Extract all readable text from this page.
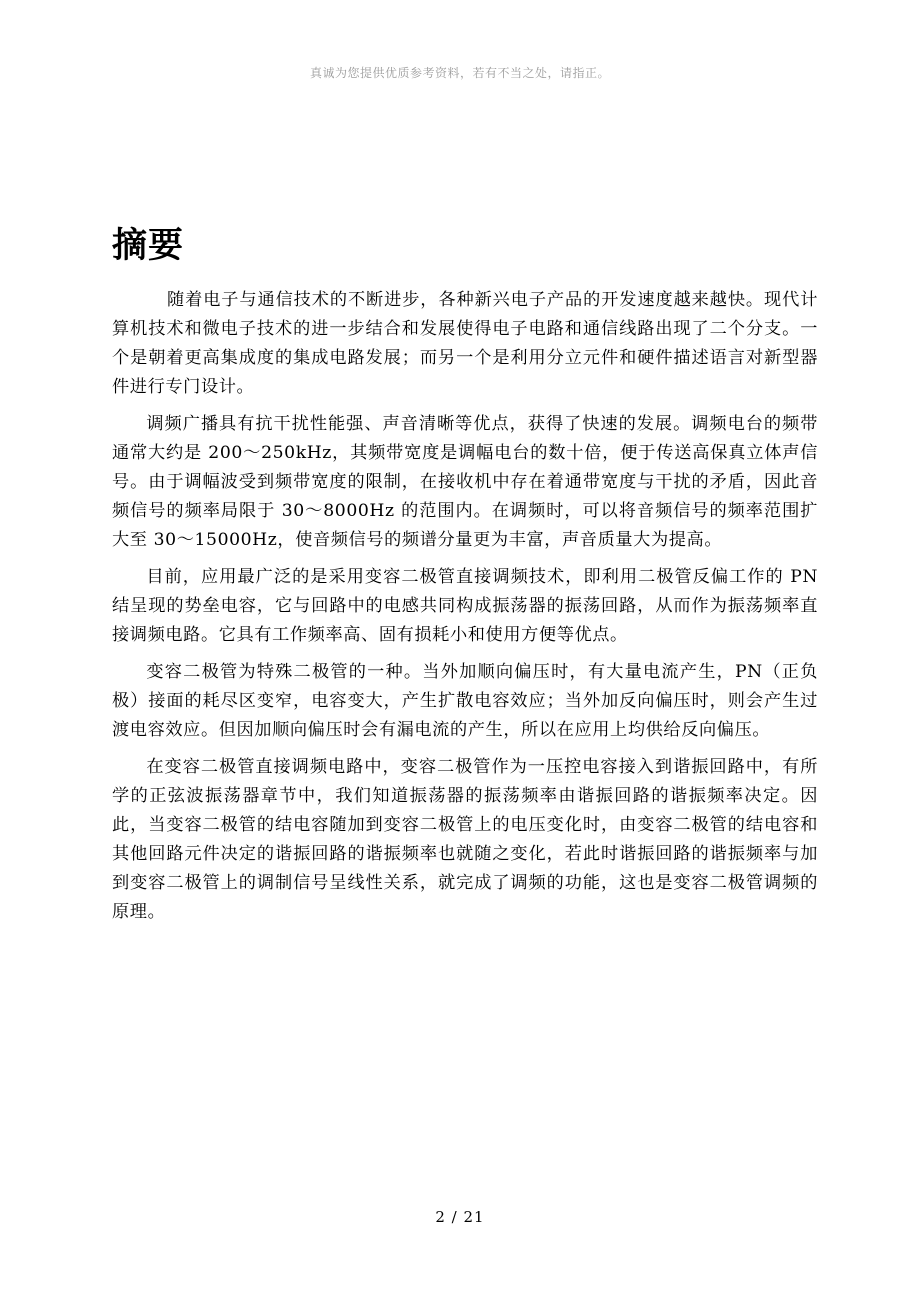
真诚为您提供优质参考资料，若有不当之处，请指正。
摘要

随着电子与通信技术的不断进步，各种新兴电子产品的开发速度越来越快。现代计算机技术和微电子技术的进一步结合和发展使得电子电路和通信线路出现了二个分支。一个是朝着更高集成度的集成电路发展；而另一个是利用分立元件和硬件描述语言对新型器件进行专门设计。

调频广播具有抗干扰性能强、声音清晰等优点，获得了快速的发展。调频电台的频带通常大约是 200～250kHz，其频带宽度是调幅电台的数十倍，便于传送高保真立体声信号。由于调幅波受到频带宽度的限制，在接收机中存在着通带宽度与干扰的矛盾，因此音频信号的频率局限于 30～8000Hz 的范围内。在调频时，可以将音频信号的频率范围扩大至 30～15000Hz，使音频信号的频谱分量更为丰富，声音质量大为提高。

目前，应用最广泛的是采用变容二极管直接调频技术，即利用二极管反偏工作的 PN 结呈现的势垒电容，它与回路中的电感共同构成振荡器的振荡回路，从而作为振荡频率直接调频电路。它具有工作频率高、固有损耗小和使用方便等优点。

变容二极管为特殊二极管的一种。当外加顺向偏压时，有大量电流产生，PN（正负极）接面的耗尽区变窄，电容变大，产生扩散电容效应；当外加反向偏压时，则会产生过渡电容效应。但因加顺向偏压时会有漏电流的产生，所以在应用上均供给反向偏压。

在变容二极管直接调频电路中，变容二极管作为一压控电容接入到谐振回路中，有所学的正弦波振荡器章节中，我们知道振荡器的振荡频率由谐振回路的谐振频率决定。因此，当变容二极管的结电容随加到变容二极管上的电压变化时，由变容二极管的结电容和其他回路元件决定的谐振回路的谐振频率也就随之变化，若此时谐振回路的谐振频率与加到变容二极管上的调制信号呈线性关系，就完成了调频的功能，这也是变容二极管调频的原理。

2 / 21
